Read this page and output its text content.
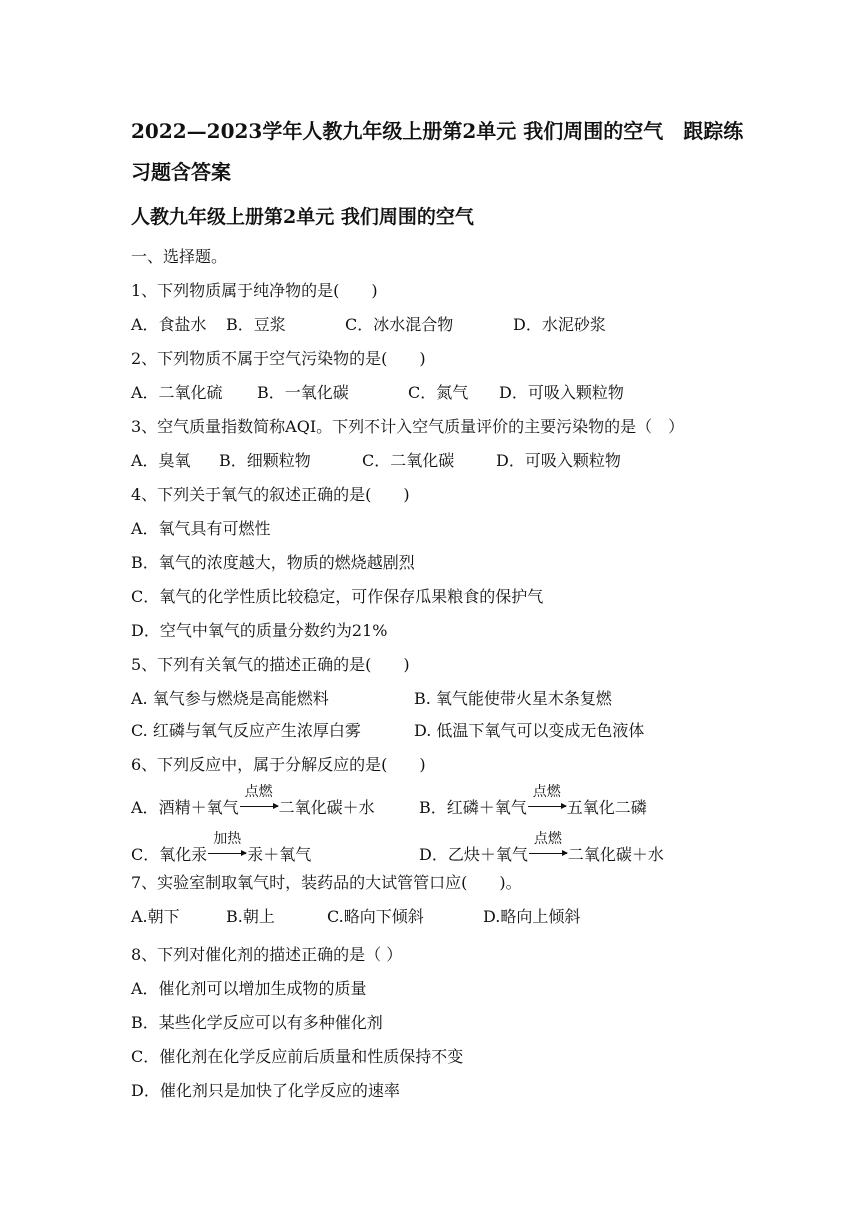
2022—2023学年人教九年级上册第2单元 我们周围的空气　跟踪练
习题含答案
人教九年级上册第2单元 我们周围的空气
一、选择题。
1、下列物质属于纯净物的是(　　)
A．食盐水 B．豆浆	C．冰水混合物	D．水泥砂浆
2、下列物质不属于空气污染物的是(　　)
A．二氧化硫 B．一氧化碳	C．氮气 D．可吸入颗粒物
3、空气质量指数简称AQI。下列不计入空气质量评价的主要污染物的是（　）
A．臭氧 B．细颗粒物	C．二氧化碳	D．可吸入颗粒物
4、下列关于氧气的叙述正确的是(　　)
A．氧气具有可燃性
B．氧气的浓度越大，物质的燃烧越剧烈
C．氧气的化学性质比较稳定，可作保存瓜果粮食的保护气
D．空气中氧气的质量分数约为21%
5、下列有关氧气的描述正确的是(　　)
A. 氧气参与燃烧是高能燃料	B. 氧气能使带火星木条复燃
C. 红磷与氧气反应产生浓厚白雾	D. 低温下氧气可以变成无色液体
6、下列反应中，属于分解反应的是(　　)
A．酒精＋氧气
点燃
二氧化碳＋水	B．红磷＋氧气
点燃
五氧化二磷
C．氧化汞
加热
汞＋氧气	D．乙炔＋氧气
点燃
二氧化碳＋水
7、实验室制取氧气时，装药品的大试管管口应(　　)。
A.朝下	B.朝上	C.略向下倾斜	D.略向上倾斜
8、下列对催化剂的描述正确的是（ ）
A．催化剂可以增加生成物的质量
B．某些化学反应可以有多种催化剂
C．催化剂在化学反应前后质量和性质保持不变
D．催化剂只是加快了化学反应的速率
